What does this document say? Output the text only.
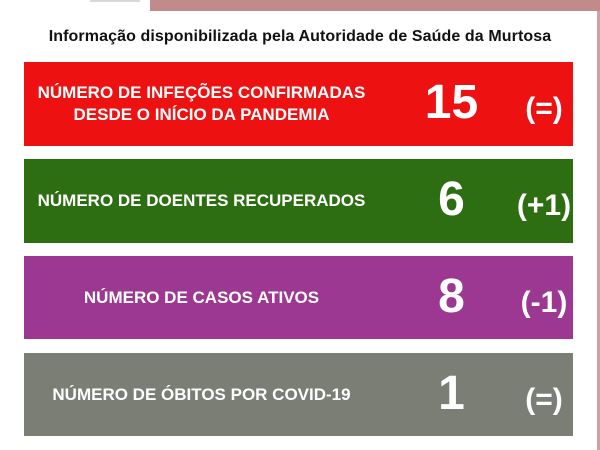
Informação disponibilizada pela Autoridade de Saúde da Murtosa
NÚMERO DE INFEÇÕES CONFIRMADAS DESDE O INÍCIO DA PANDEMIA	15	(=)
NÚMERO DE DOENTES RECUPERADOS	6	(+1)
NÚMERO DE CASOS ATIVOS	8	(-1)
NÚMERO DE ÓBITOS POR COVID-19	1	(=)
